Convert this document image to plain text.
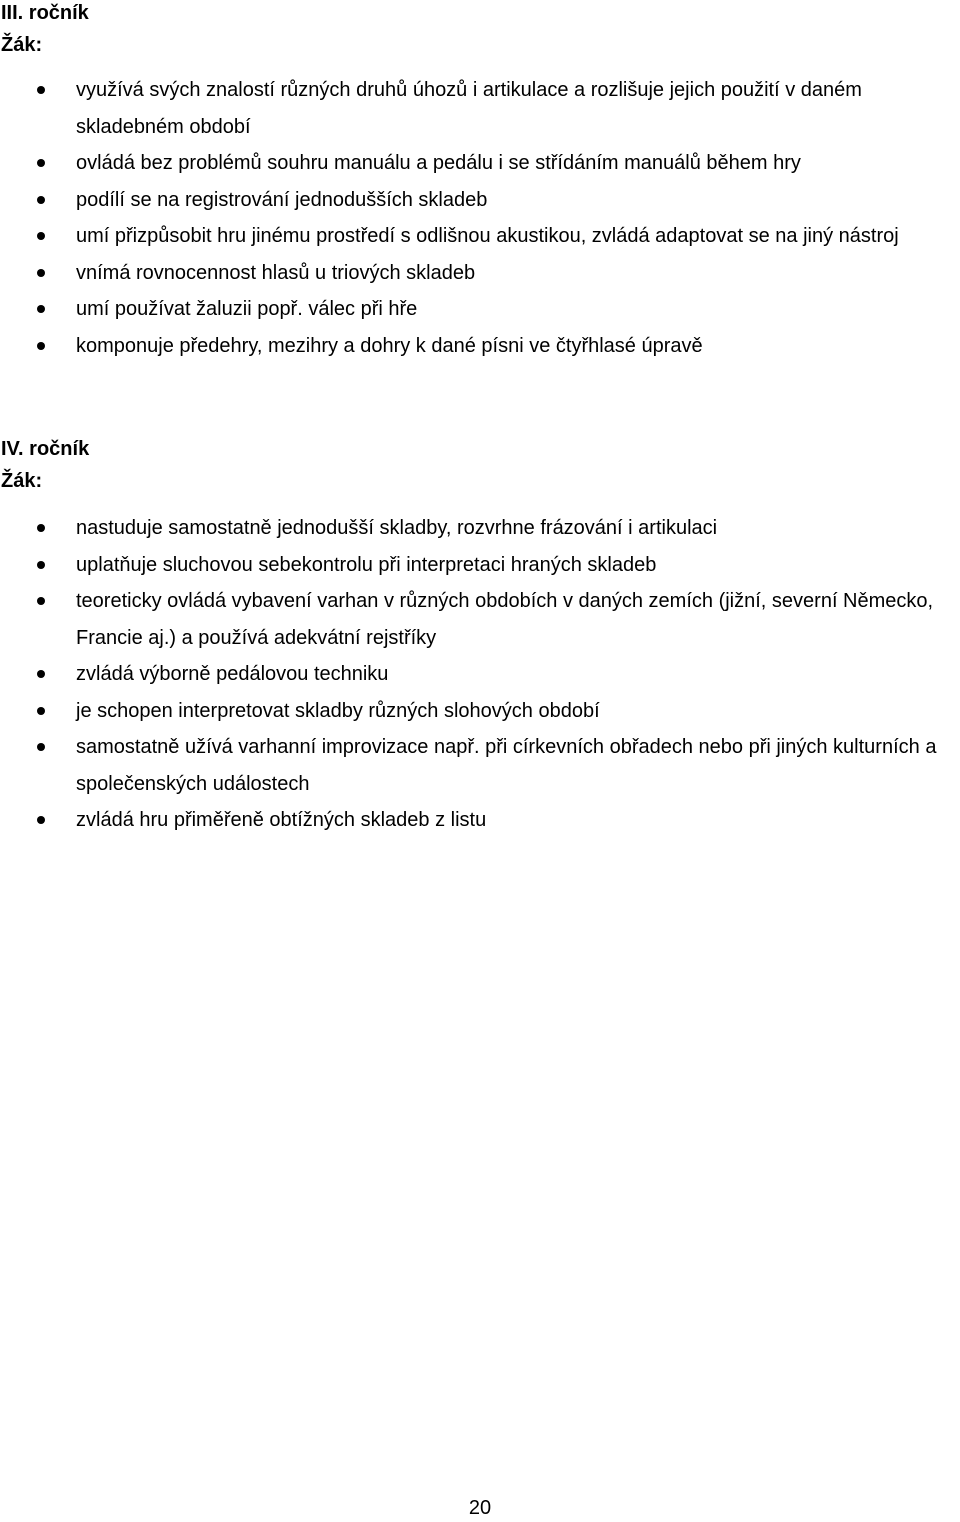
III. ročník
Žák:
využívá svých znalostí různých druhů úhozů i artikulace a rozlišuje jejich použití v daném skladebném období
ovládá bez problémů souhru manuálu a pedálu i se střídáním manuálů během hry
podílí se na registrování jednodušších skladeb
umí přizpůsobit hru jinému prostředí s odlišnou akustikou, zvládá adaptovat se na jiný nástroj
vnímá rovnocennost hlasů u triových skladeb
umí používat žaluzii popř. válec při hře
komponuje předehry, mezihry a dohry k dané písni ve čtyřhlasé úpravě
IV. ročník
Žák:
nastuduje samostatně jednodušší skladby, rozvrhne frázování i artikulaci
uplatňuje sluchovou sebekontrolu při interpretaci hraných skladeb
teoreticky ovládá vybavení varhan v různých obdobích v daných zemích (jižní, severní Německo, Francie aj.) a používá adekvátní rejstříky
zvládá výborně pedálovou techniku
je schopen interpretovat skladby různých slohových období
samostatně užívá varhanní improvizace např. při církevních obřadech nebo při jiných kulturních a společenských událostech
zvládá hru přiměřeně obtížných skladeb z listu
20
